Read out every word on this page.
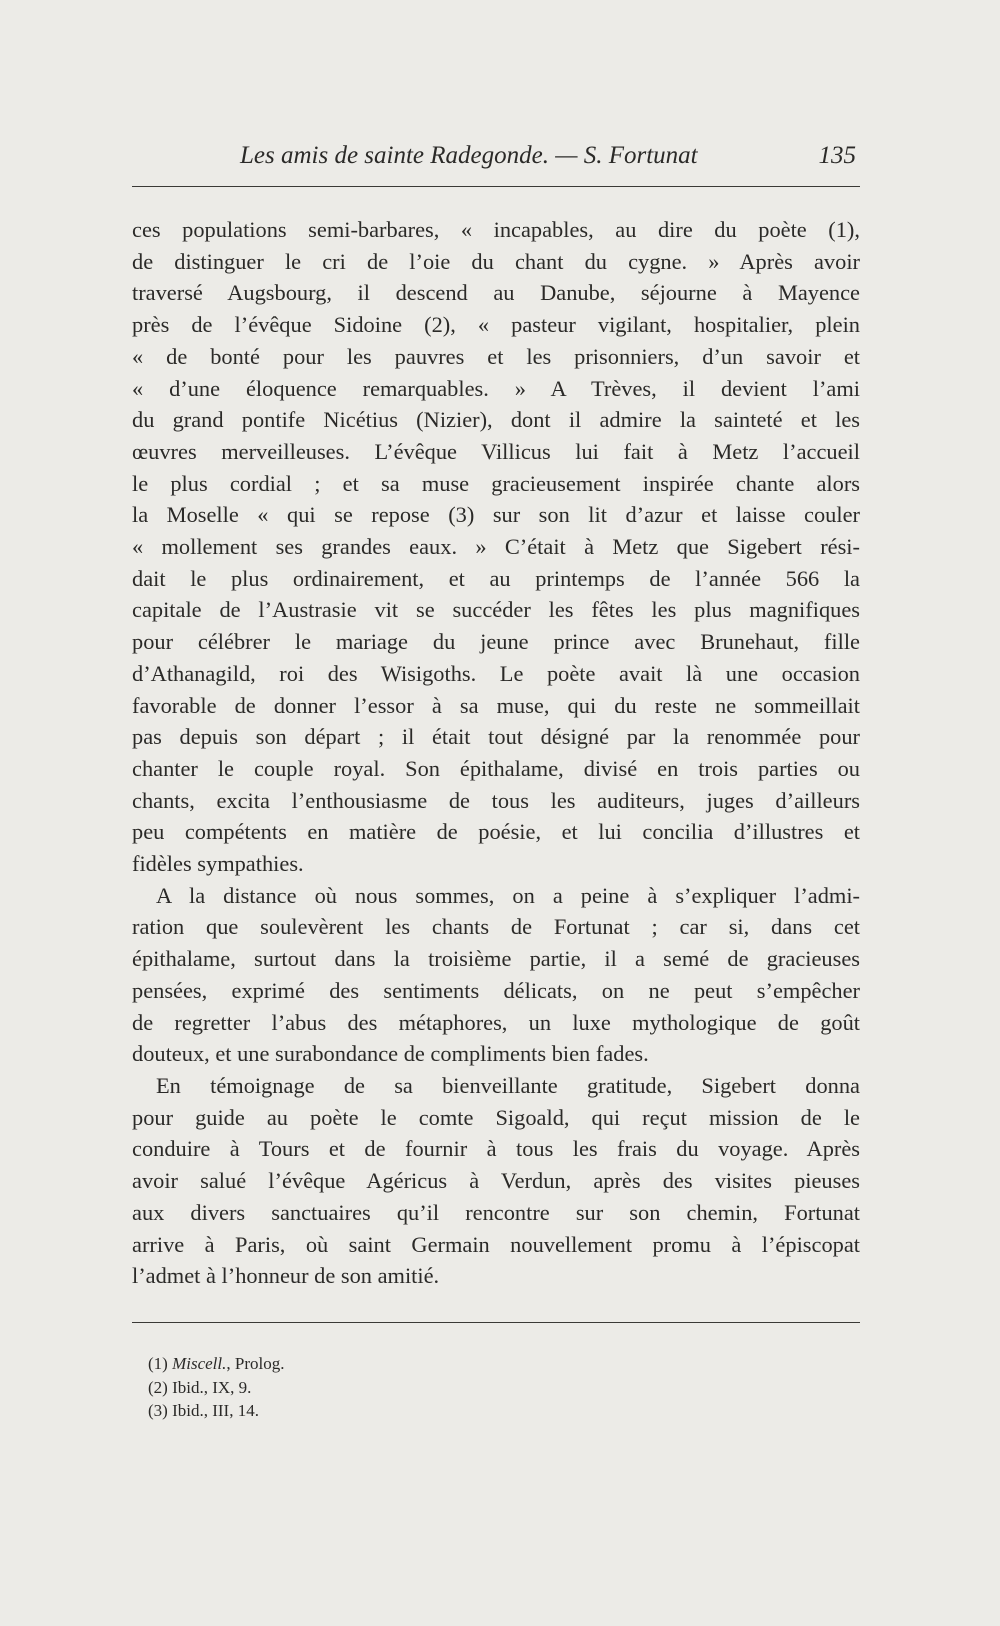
Les amis de sainte Radegonde. — S. Fortunat	135

ces populations semi-barbares, « incapables, au dire du poète (1),
de distinguer le cri de l’oie du chant du cygne. » Après avoir
traversé Augsbourg, il descend au Danube, séjourne à Mayence
près de l’évêque Sidoine (2), « pasteur vigilant, hospitalier, plein
« de bonté pour les pauvres et les prisonniers, d’un savoir et
« d’une éloquence remarquables. » A Trèves, il devient l’ami
du grand pontife Nicétius (Nizier), dont il admire la sainteté et les
œuvres merveilleuses. L’évêque Villicus lui fait à Metz l’accueil
le plus cordial ; et sa muse gracieusement inspirée chante alors
la Moselle « qui se repose (3) sur son lit d’azur et laisse couler
« mollement ses grandes eaux. » C’était à Metz que Sigebert rési-
dait le plus ordinairement, et au printemps de l’année 566 la
capitale de l’Austrasie vit se succéder les fêtes les plus magnifiques
pour célébrer le mariage du jeune prince avec Brunehaut, fille
d’Athanagild, roi des Wisigoths. Le poète avait là une occasion
favorable de donner l’essor à sa muse, qui du reste ne sommeillait
pas depuis son départ ; il était tout désigné par la renommée pour
chanter le couple royal. Son épithalame, divisé en trois parties ou
chants, excita l’enthousiasme de tous les auditeurs, juges d’ailleurs
peu compétents en matière de poésie, et lui concilia d’illustres et
fidèles sympathies.

A la distance où nous sommes, on a peine à s’expliquer l’admi-
ration que soulevèrent les chants de Fortunat ; car si, dans cet
épithalame, surtout dans la troisième partie, il a semé de gracieuses
pensées, exprimé des sentiments délicats, on ne peut s’empêcher
de regretter l’abus des métaphores, un luxe mythologique de goût
douteux, et une surabondance de compliments bien fades.

En témoignage de sa bienveillante gratitude, Sigebert donna
pour guide au poète le comte Sigoald, qui reçut mission de le
conduire à Tours et de fournir à tous les frais du voyage. Après
avoir salué l’évêque Agéricus à Verdun, après des visites pieuses
aux divers sanctuaires qu’il rencontre sur son chemin, Fortunat
arrive à Paris, où saint Germain nouvellement promu à l’épiscopat
l’admet à l’honneur de son amitié.

(1) Miscell., Prolog.
(2) Ibid., IX, 9.
(3) Ibid., III, 14.
